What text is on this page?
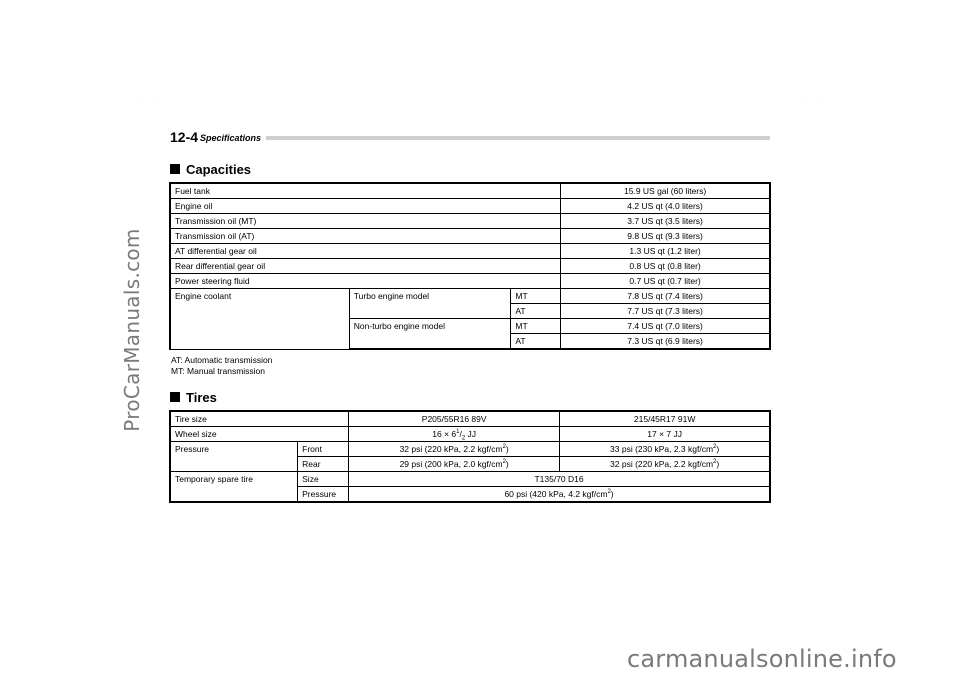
ProCarManuals.com
carmanualsonline.info
· ·	· ·
12-4 Specifications
Capacities
Fuel tank			15.9 US gal (60 liters)
Engine oil			4.2 US qt (4.0 liters)
Transmission oil (MT)			3.7 US qt (3.5 liters)
Transmission oil (AT)			9.8 US qt (9.3 liters)
AT differential gear oil			1.3 US qt (1.2 liter)
Rear differential gear oil			0.8 US qt (0.8 liter)
Power steering fluid			0.7 US qt (0.7 liter)
Engine coolant	Turbo engine model	MT	7.8 US qt (7.4 liters)
		AT	7.7 US qt (7.3 liters)
	Non-turbo engine model	MT	7.4 US qt (7.0 liters)
		AT	7.3 US qt (6.9 liters)
AT: Automatic transmission
MT: Manual transmission
Tires
Tire size		P205/55R16 89V	215/45R17 91W
Wheel size		$16 \times 6^1/_2$ JJ	17 × 7 JJ
Pressure	Front	32 psi (220 kPa, 2.2 kgf/$cm^2$)	33 psi (230 kPa, 2.3 kgf/$cm^2$)
	Rear	29 psi (200 kPa, 2.0 kgf/$cm^2$)	32 psi (220 kPa, 2.2 kgf/$cm^2$)
Temporary spare tire	Size	T135/70 D16	
	Pressure	60 psi (420 kPa, 4.2 kgf/$cm^2$)	
